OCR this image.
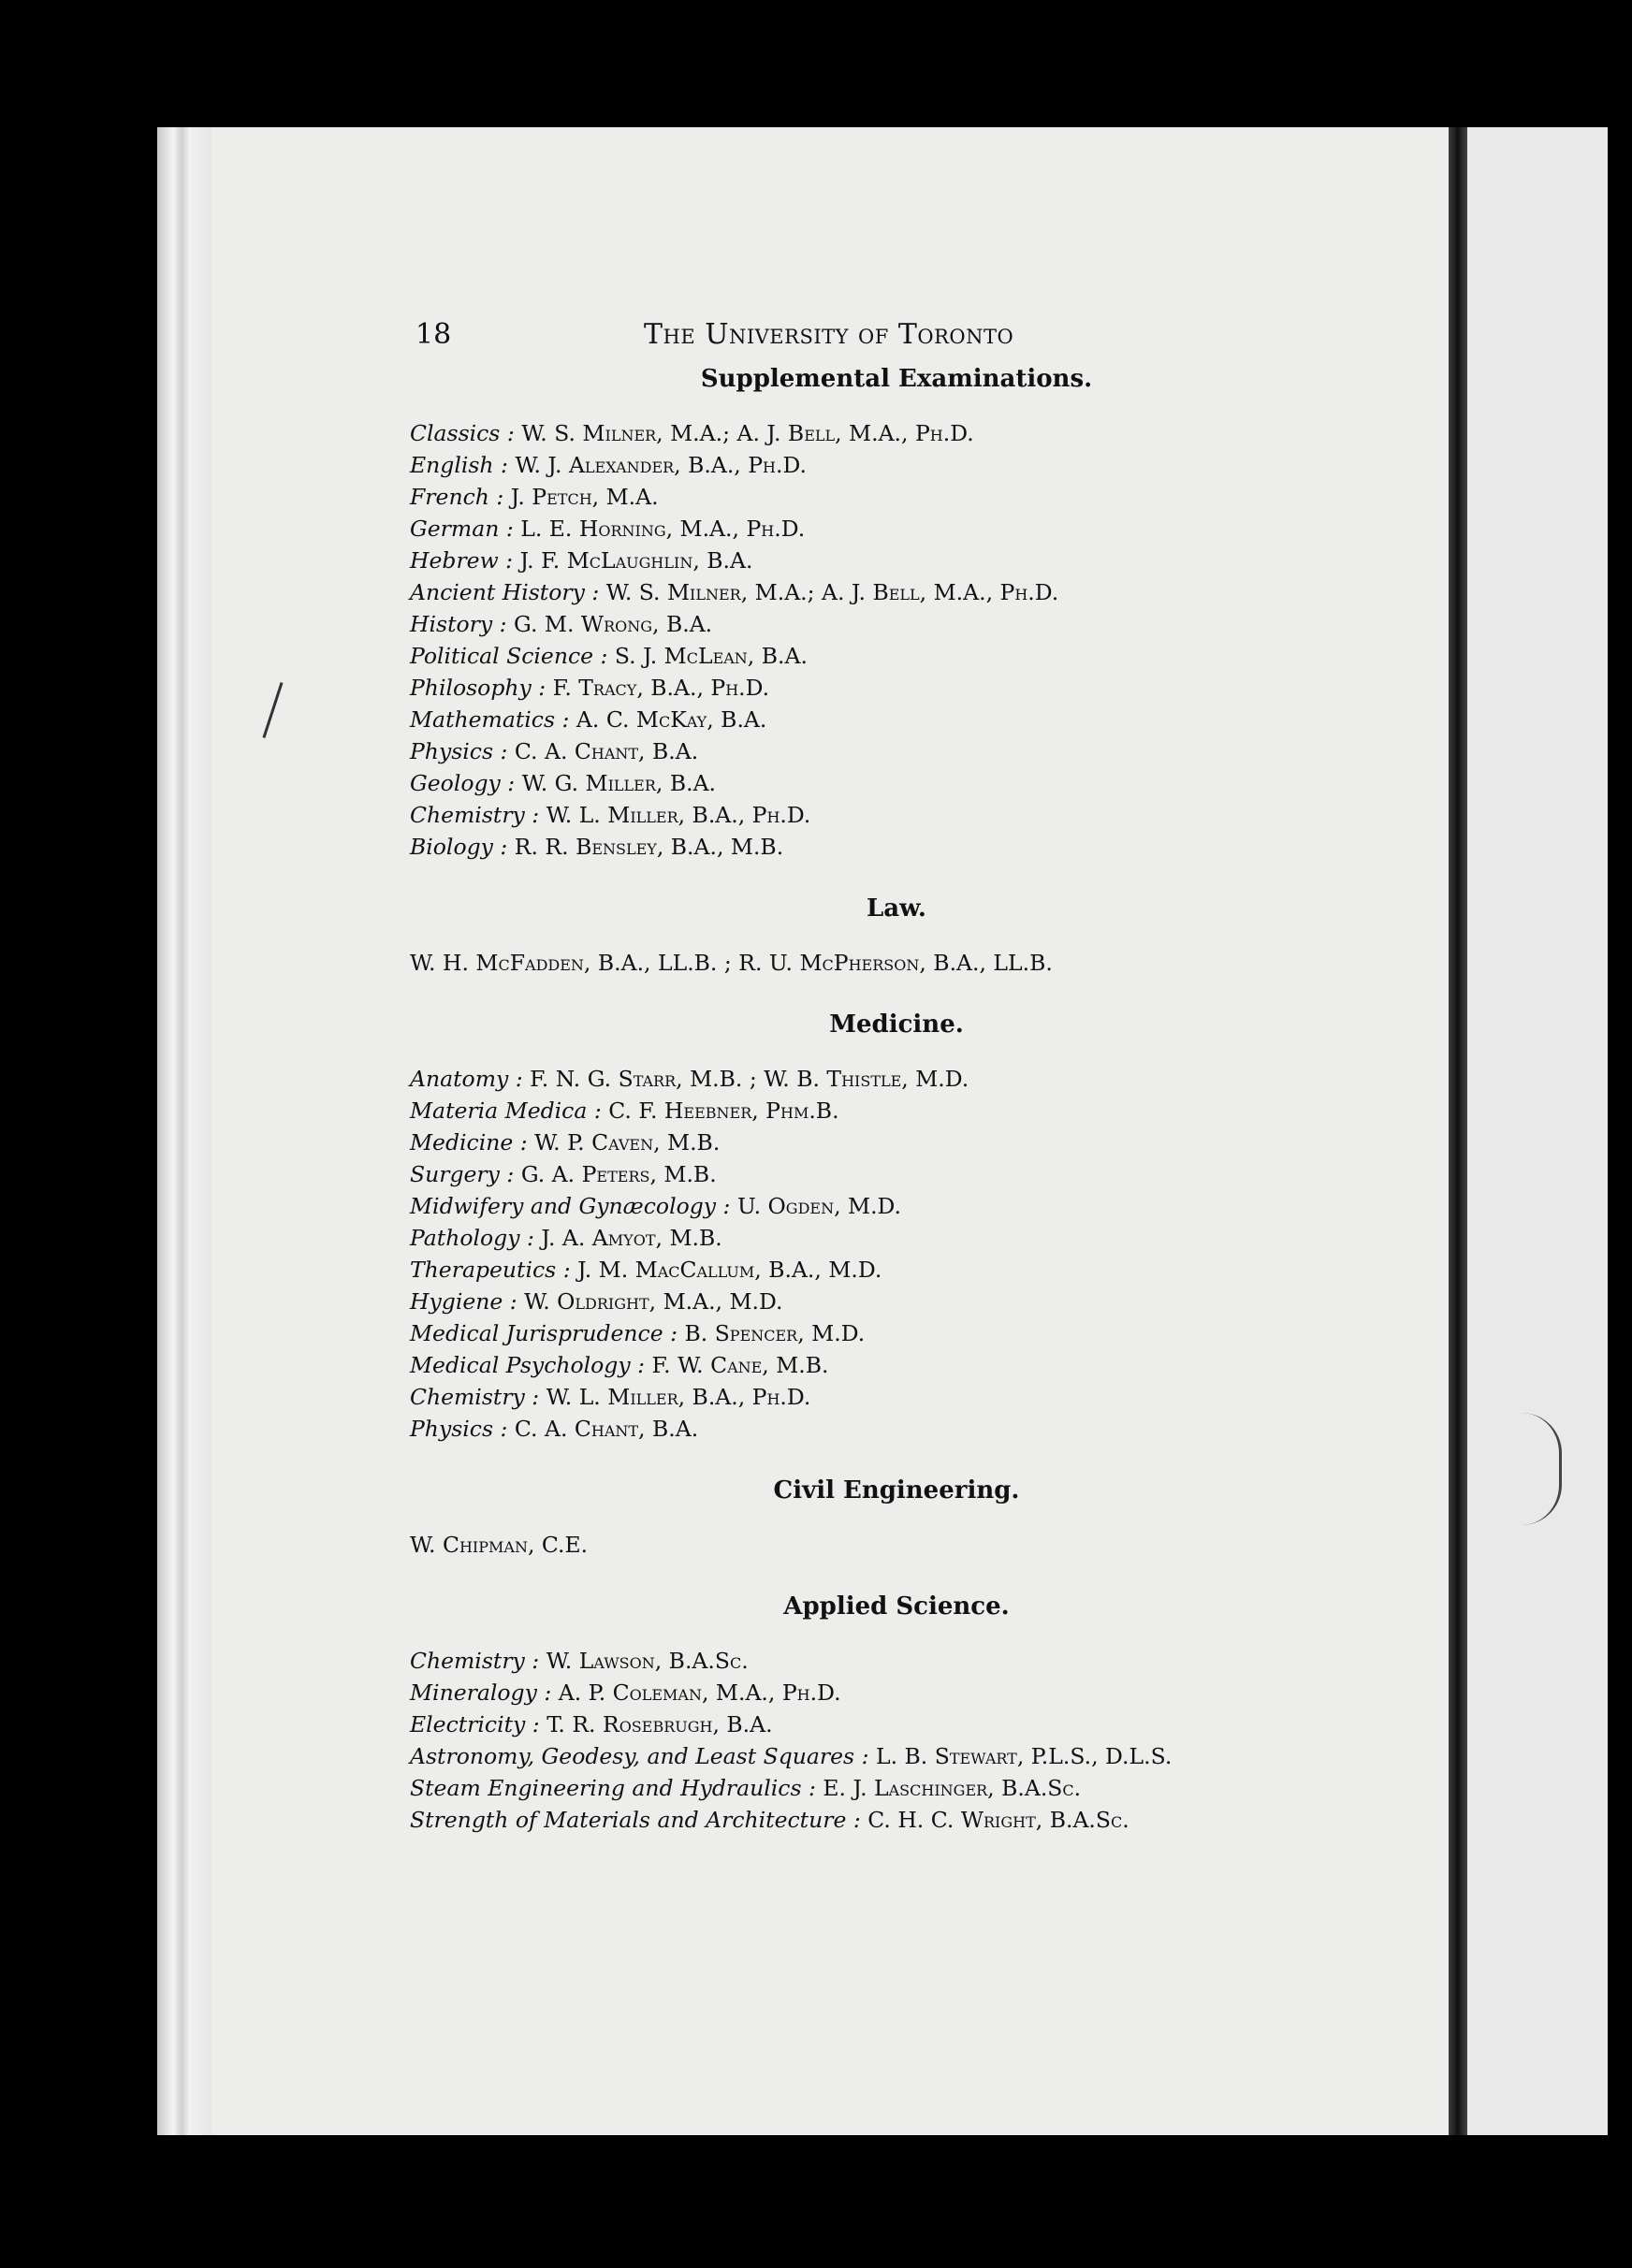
18	The University of Toronto
Supplemental Examinations.
Classics : W. S. Milner, M.A.; A. J. Bell, M.A., Ph.D.
English : W. J. Alexander, B.A., Ph.D.
French : J. Petch, M.A.
German : L. E. Horning, M.A., Ph.D.
Hebrew : J. F. McLaughlin, B.A.
Ancient History : W. S. Milner, M.A.; A. J. Bell, M.A., Ph.D.
History : G. M. Wrong, B.A.
Political Science : S. J. McLean, B.A.
Philosophy : F. Tracy, B.A., Ph.D.
Mathematics : A. C. McKay, B.A.
Physics : C. A. Chant, B.A.
Geology : W. G. Miller, B.A.
Chemistry : W. L. Miller, B.A., Ph.D.
Biology : R. R. Bensley, B.A., M.B.
Law.
W. H. McFadden, B.A., LL.B. ; R. U. McPherson, B.A., LL.B.
Medicine.
Anatomy : F. N. G. Starr, M.B. ; W. B. Thistle, M.D.
Materia Medica : C. F. Heebner, Phm.B.
Medicine : W. P. Caven, M.B.
Surgery : G. A. Peters, M.B.
Midwifery and Gynæcology : U. Ogden, M.D.
Pathology : J. A. Amyot, M.B.
Therapeutics : J. M. MacCallum, B.A., M.D.
Hygiene : W. Oldright, M.A., M.D.
Medical Jurisprudence : B. Spencer, M.D.
Medical Psychology : F. W. Cane, M.B.
Chemistry : W. L. Miller, B.A., Ph.D.
Physics : C. A. Chant, B.A.
Civil Engineering.
W. Chipman, C.E.
Applied Science.
Chemistry : W. Lawson, B.A.Sc.
Mineralogy : A. P. Coleman, M.A., Ph.D.
Electricity : T. R. Rosebrugh, B.A.
Astronomy, Geodesy, and Least Squares : L. B. Stewart, P.L.S., D.L.S.
Steam Engineering and Hydraulics : E. J. Laschinger, B.A.Sc.
Strength of Materials and Architecture : C. H. C. Wright, B.A.Sc.
